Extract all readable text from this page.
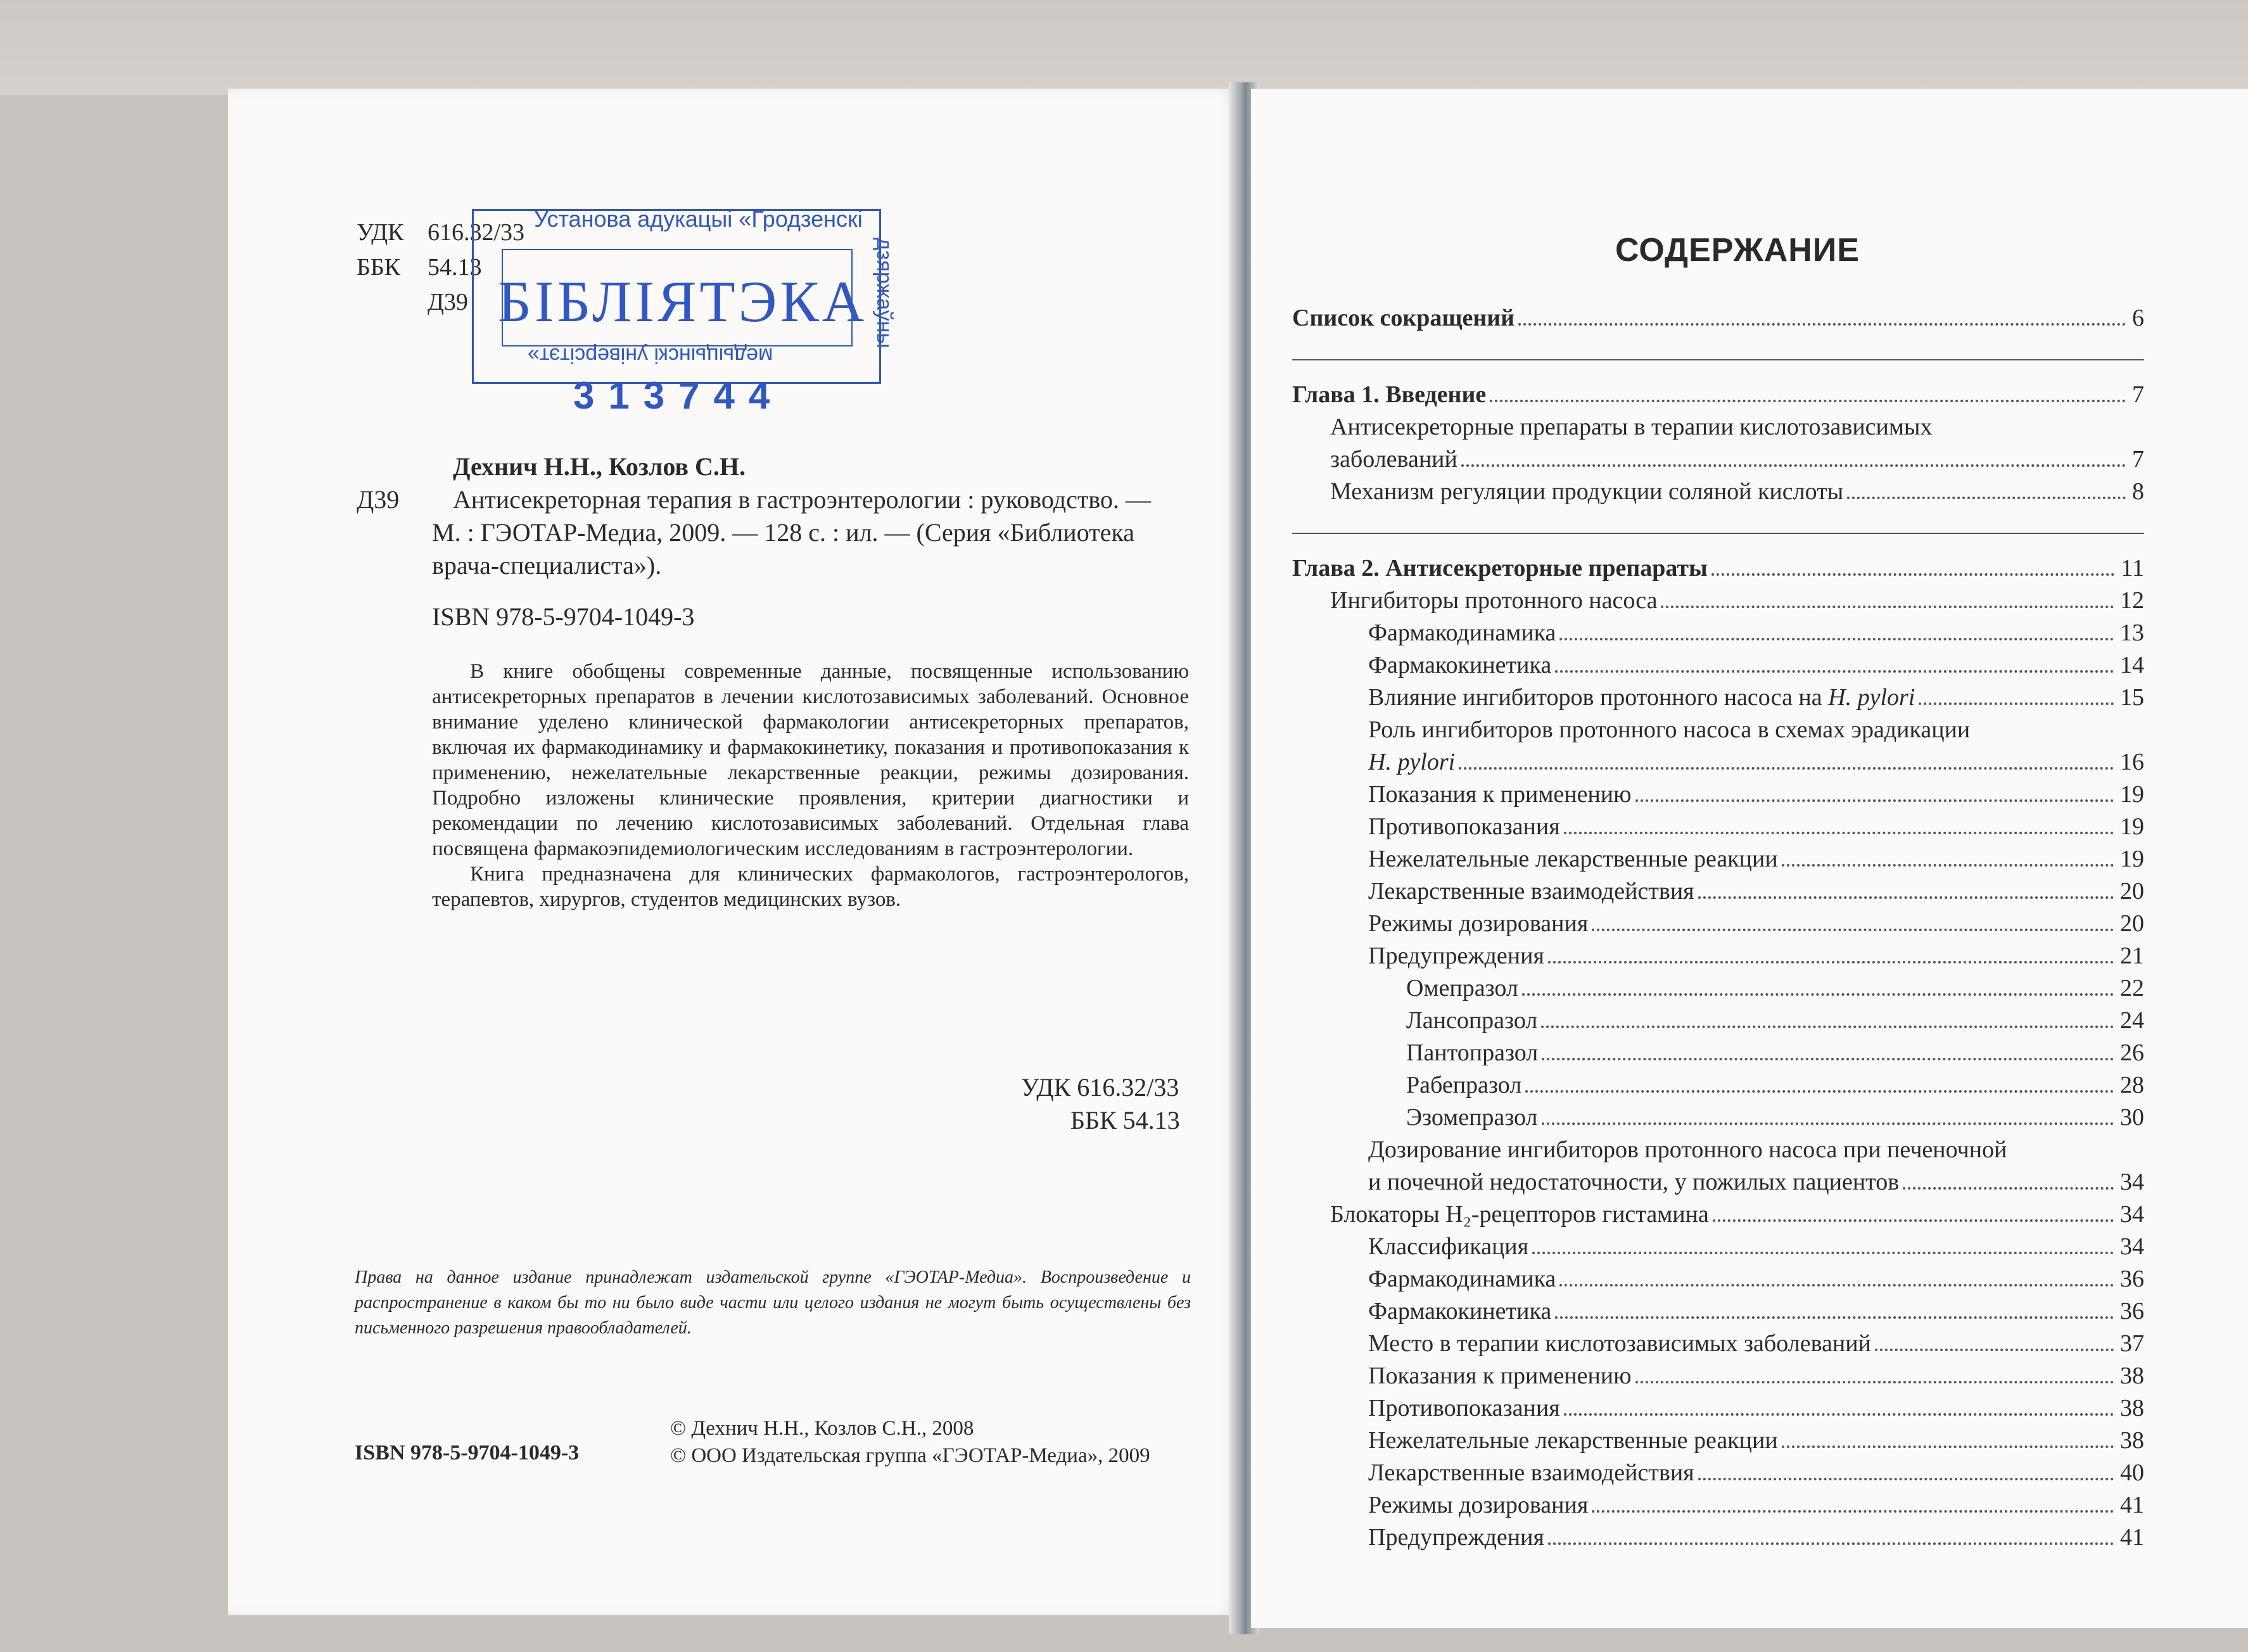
УДК 616.32/33
ББК 54.13
Д39
Установа адукацыі «Гродзенскі
БІБЛІЯТЭКА
медыцынскі універсітэт»
дзяржаўны
313744
Дехнич Н.Н., Козлов С.Н.
Д39 Антисекреторная терапия в гастроэнтерологии : руководство. —
М. : ГЭОТАР-Медиа, 2009. — 128 с. : ил. — (Серия «Библиотека
врача-специалиста»).
ISBN 978-5-9704-1049-3

В книге обобщены современные данные, посвященные использованию антисекреторных препаратов в лечении кислотозависимых заболеваний. Основное внимание уделено клинической фармакологии антисекреторных препаратов, включая их фармакодинамику и фармакокинетику, показания и противопоказания к применению, нежелательные лекарственные реакции, режимы дозирования. Подробно изложены клинические проявления, критерии диагностики и рекомендации по лечению кислотозависимых заболеваний. Отдельная глава посвящена фармакоэпидемиологическим исследованиям в гастроэнтерологии.

Книга предназначена для клинических фармакологов, гастроэнтерологов, терапевтов, хирургов, студентов медицинских вузов.

УДК 616.32/33
ББК 54.13
Права на данное издание принадлежат издательской группе «ГЭОТАР-Медиа». Воспроизведение и распространение в каком бы то ни было виде части или целого издания не могут быть осуществлены без письменного разрешения правообладателей.
© Дехнич Н.Н., Козлов С.Н., 2008
ISBN 978-5-9704-1049-3	© ООО Издательская группа «ГЭОТАР-Медиа», 2009
СОДЕРЖАНИЕ
Список сокращений	6
Глава 1. Введение	7
Антисекреторные препараты в терапии кислотозависимых
заболеваний	7
Механизм регуляции продукции соляной кислоты	8
Глава 2. Антисекреторные препараты	11
Ингибиторы протонного насоса	12
Фармакодинамика	13
Фармакокинетика	14
Влияние ингибиторов протонного насоса на H. pylori	15
Роль ингибиторов протонного насоса в схемах эрадикации
H. pylori	16
Показания к применению	19
Противопоказания	19
Нежелательные лекарственные реакции	19
Лекарственные взаимодействия	20
Режимы дозирования	20
Предупреждения	21
Омепразол	22
Лансопразол	24
Пантопразол	26
Рабепразол	28
Эзомепразол	30
Дозирование ингибиторов протонного насоса при печеночной
и почечной недостаточности, у пожилых пациентов	34
Блокаторы H₂-рецепторов гистамина	34
Классификация	34
Фармакодинамика	36
Фармакокинетика	36
Место в терапии кислотозависимых заболеваний	37
Показания к применению	38
Противопоказания	38
Нежелательные лекарственные реакции	38
Лекарственные взаимодействия	40
Режимы дозирования	41
Предупреждения	41
